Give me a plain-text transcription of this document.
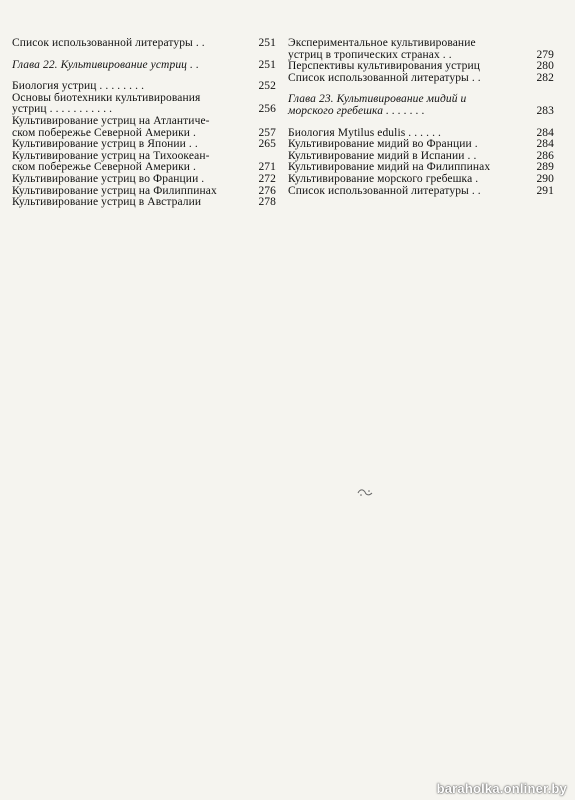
Список использованной литературы . .	251
Глава 22. Культивирование устриц . .	251
Биология устриц . . . . . . . .	252
Основы биотехники культивирования
устриц . . . . . . . . . . .	256
Культивирование устриц на Атлантиче-
ском побережье Северной Америки .	257
Культивирование устриц в Японии . .	265
Культивирование устриц на Тихоокеан-
ском побережье Северной Америки .	271
Культивирование устриц во Франции .	272
Культивирование устриц на Филиппинах	276
Культивирование устриц в Австралии	278
Экспериментальное культивирование
устриц в тропических странах . .	279
Перспективы культивирования устриц	280
Список использованной литературы . .	282
Глава 23. Культивирование мидий и
морского гребешка . . . . . . .	283
Биология Mytilus edulis . . . . . .	284
Культивирование мидий во Франции .	284
Культивирование мидий в Испании . .	286
Культивирование мидий на Филиппинах	289
Культивирование морского гребешка .	290
Список использованной литературы . .	291
baraholka.onliner.by
